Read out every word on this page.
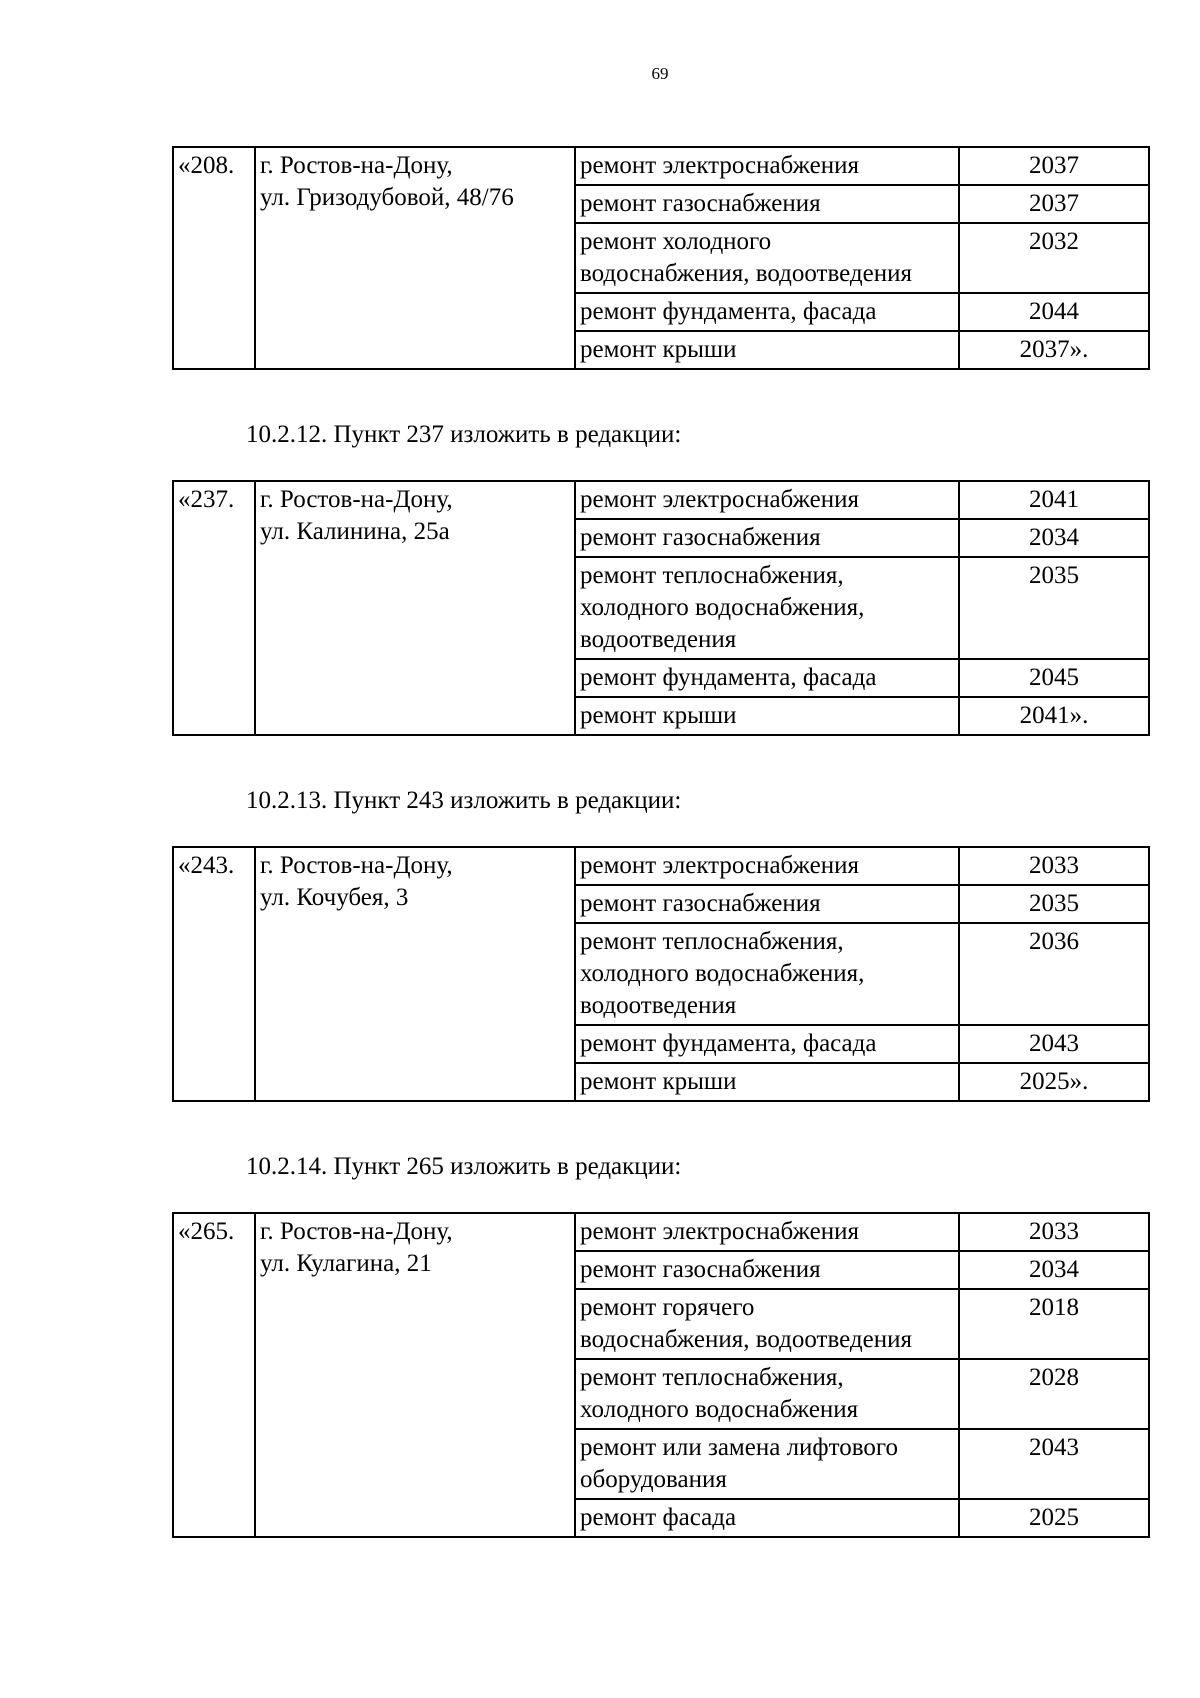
69
«208.	г. Ростов-на-Дону,
ул. Гризодубовой, 48/76	ремонт электроснабжения	2037

		ремонт газоснабжения	2037

		ремонт холодного
водоснабжения, водоотведения	2032

		ремонт фундамента, фасада	2044

		ремонт крыши	2037».
10.2.12. Пункт 237 изложить в редакции:
«237.	г. Ростов-на-Дону,
ул. Калинина, 25а	ремонт электроснабжения	2041

		ремонт газоснабжения	2034

		ремонт теплоснабжения,
холодного водоснабжения,
водоотведения	2035

		ремонт фундамента, фасада	2045

		ремонт крыши	2041».
10.2.13. Пункт 243 изложить в редакции:
«243.	г. Ростов-на-Дону,
ул. Кочубея, 3	ремонт электроснабжения	2033

		ремонт газоснабжения	2035

		ремонт теплоснабжения,
холодного водоснабжения,
водоотведения	2036

		ремонт фундамента, фасада	2043

		ремонт крыши	2025».
10.2.14. Пункт 265 изложить в редакции:
«265.	г. Ростов-на-Дону,
ул. Кулагина, 21	ремонт электроснабжения	2033

		ремонт газоснабжения	2034

		ремонт горячего
водоснабжения, водоотведения	2018

		ремонт теплоснабжения,
холодного водоснабжения	2028

		ремонт или замена лифтового
оборудования	2043

		ремонт фасада	2025
